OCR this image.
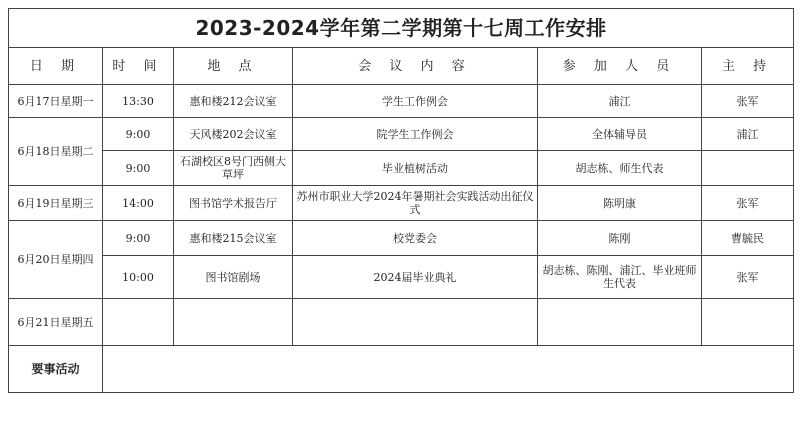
2023-2024学年第二学期第十七周工作安排					
日 期	时 间	地 点	会 议 内 容	参 加 人 员	主 持
6月17日星期一	13:30	惠和楼212会议室	学生工作例会	浦江	张军
6月18日星期二	9:00	天风楼202会议室	院学生工作例会	全体辅导员	浦江
	9:00	石湖校区8号门西侧大草坪	毕业植树活动	胡志栋、师生代表	
6月19日星期三	14:00	图书馆学术报告厅	苏州市职业大学2024年暑期社会实践活动出征仪式	陈明康	张军
6月20日星期四	9:00	惠和楼215会议室	校党委会	陈刚	曹毓民
	10:00	图书馆剧场	2024届毕业典礼	胡志栋、陈刚、浦江、毕业班师生代表	张军
6月21日星期五					
要事活动					
